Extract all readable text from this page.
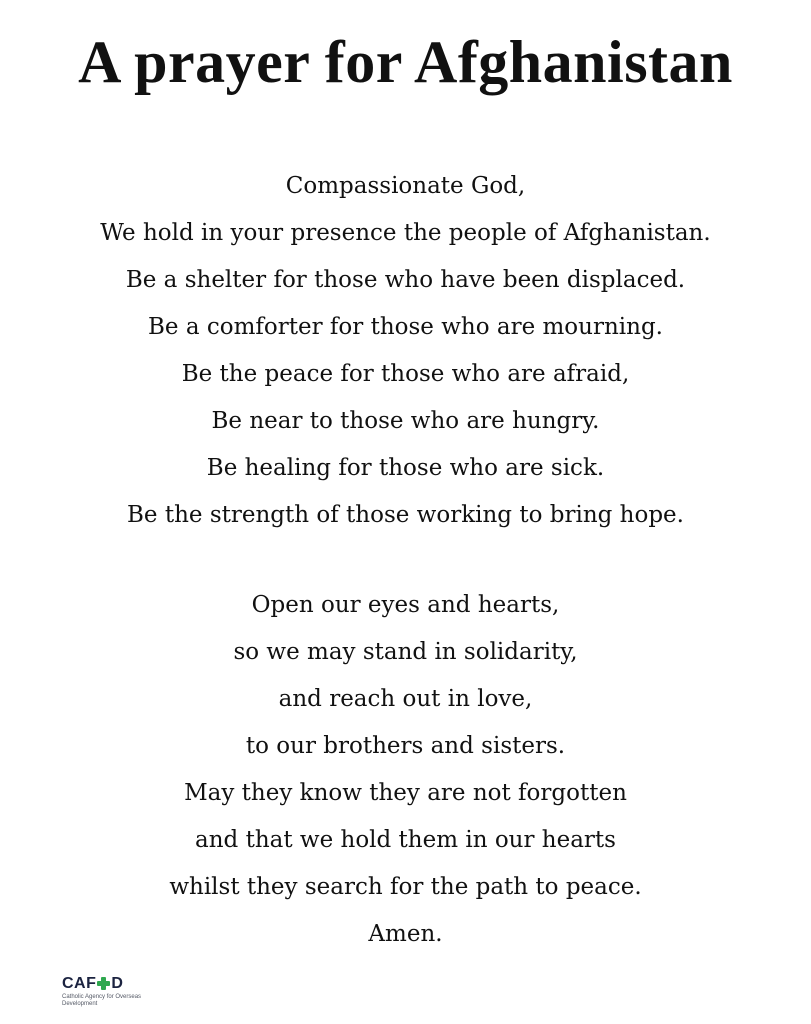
A prayer for Afghanistan
Compassionate God,
We hold in your presence the people of Afghanistan.
Be a shelter for those who have been displaced.
Be a comforter for those who are mourning.
Be the peace for those who are afraid,
Be near to those who are hungry.
Be healing for those who are sick.
Be the strength of those working to bring hope.
Open our eyes and hearts,
so we may stand in solidarity,
and reach out in love,
to our brothers and sisters.
May they know they are not forgotten
and that we hold them in our hearts
whilst they search for the path to peace.
Amen.
CAF D
Catholic Agency for Overseas Development
